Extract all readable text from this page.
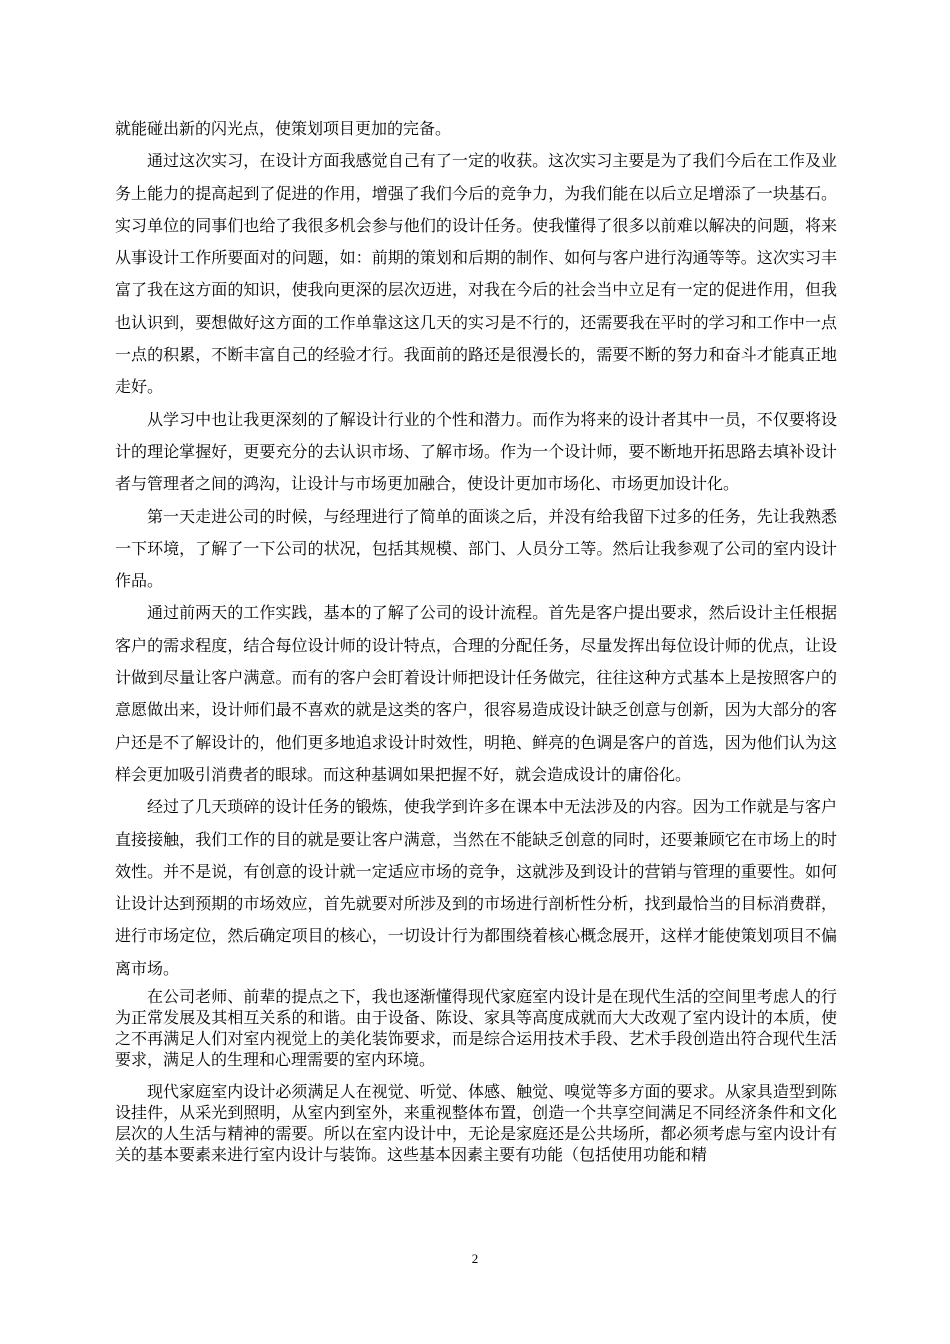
就能碰出新的闪光点，使策划项目更加的完备。

通过这次实习，在设计方面我感觉自己有了一定的收获。这次实习主要是为了我们今后在工作及业务上能力的提高起到了促进的作用，增强了我们今后的竞争力，为我们能在以后立足增添了一块基石。实习单位的同事们也给了我很多机会参与他们的设计任务。使我懂得了很多以前难以解决的问题，将来从事设计工作所要面对的问题，如：前期的策划和后期的制作、如何与客户进行沟通等等。这次实习丰富了我在这方面的知识，使我向更深的层次迈进，对我在今后的社会当中立足有一定的促进作用，但我也认识到，要想做好这方面的工作单靠这这几天的实习是不行的，还需要我在平时的学习和工作中一点一点的积累，不断丰富自己的经验才行。我面前的路还是很漫长的，需要不断的努力和奋斗才能真正地走好。

从学习中也让我更深刻的了解设计行业的个性和潜力。而作为将来的设计者其中一员，不仅要将设计的理论掌握好，更要充分的去认识市场、了解市场。作为一个设计师，要不断地开拓思路去填补设计者与管理者之间的鸿沟，让设计与市场更加融合，使设计更加市场化、市场更加设计化。

第一天走进公司的时候，与经理进行了简单的面谈之后，并没有给我留下过多的任务，先让我熟悉一下环境，了解了一下公司的状况，包括其规模、部门、人员分工等。然后让我参观了公司的室内设计作品。

通过前两天的工作实践，基本的了解了公司的设计流程。首先是客户提出要求，然后设计主任根据客户的需求程度，结合每位设计师的设计特点，合理的分配任务，尽量发挥出每位设计师的优点，让设计做到尽量让客户满意。而有的客户会盯着设计师把设计任务做完，往往这种方式基本上是按照客户的意愿做出来，设计师们最不喜欢的就是这类的客户，很容易造成设计缺乏创意与创新，因为大部分的客户还是不了解设计的，他们更多地追求设计时效性，明艳、鲜亮的色调是客户的首选，因为他们认为这样会更加吸引消费者的眼球。而这种基调如果把握不好，就会造成设计的庸俗化。

经过了几天琐碎的设计任务的锻炼，使我学到许多在课本中无法涉及的内容。因为工作就是与客户直接接触，我们工作的目的就是要让客户满意，当然在不能缺乏创意的同时，还要兼顾它在市场上的时效性。并不是说，有创意的设计就一定适应市场的竞争，这就涉及到设计的营销与管理的重要性。如何让设计达到预期的市场效应，首先就要对所涉及到的市场进行剖析性分析，找到最恰当的目标消费群，进行市场定位，然后确定项目的核心，一切设计行为都围绕着核心概念展开，这样才能使策划项目不偏离市场。

在公司老师、前辈的提点之下，我也逐渐懂得现代家庭室内设计是在现代生活的空间里考虑人的行为正常发展及其相互关系的和谐。由于设备、陈设、家具等高度成就而大大改观了室内设计的本质，使之不再满足人们对室内视觉上的美化装饰要求，而是综合运用技术手段、艺术手段创造出符合现代生活要求，满足人的生理和心理需要的室内环境。

现代家庭室内设计必须满足人在视觉、听觉、体感、触觉、嗅觉等多方面的要求。从家具造型到陈设挂件，从采光到照明，从室内到室外，来重视整体布置，创造一个共享空间满足不同经济条件和文化层次的人生活与精神的需要。所以在室内设计中，无论是家庭还是公共场所，都必须考虑与室内设计有关的基本要素来进行室内设计与装饰。这些基本因素主要有功能（包括使用功能和精

2
